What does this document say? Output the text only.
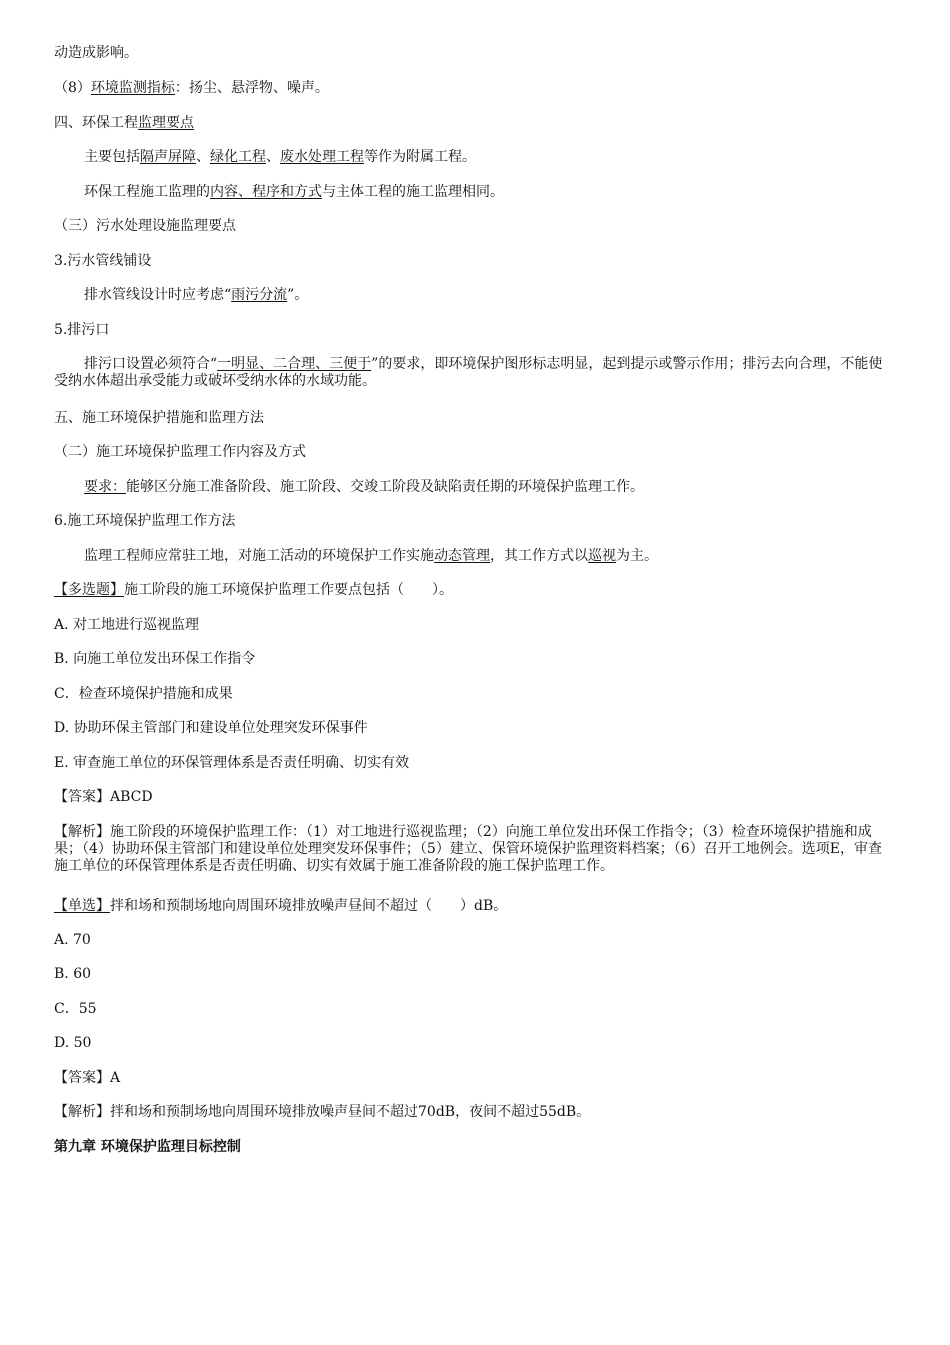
动造成影响。
（8）环境监测指标：扬尘、悬浮物、噪声。
四、环保工程监理要点
主要包括隔声屏障、绿化工程、废水处理工程等作为附属工程。
环保工程施工监理的内容、程序和方式与主体工程的施工监理相同。
（三）污水处理设施监理要点
3.污水管线铺设
排水管线设计时应考虑“雨污分流”。
5.排污口
排污口设置必须符合“一明显、二合理、三便于”的要求，即环境保护图形标志明显，起到提示或警示作用；排污去向合理，不能使受纳水体超出承受能力或破坏受纳水体的水域功能。
五、施工环境保护措施和监理方法
（二）施工环境保护监理工作内容及方式
要求：能够区分施工准备阶段、施工阶段、交竣工阶段及缺陷责任期的环境保护监理工作。
6.施工环境保护监理工作方法
监理工程师应常驻工地，对施工活动的环境保护工作实施动态管理，其工作方式以巡视为主。
【多选题】施工阶段的施工环境保护监理工作要点包括（　　）。
A. 对工地进行巡视监理
B. 向施工单位发出环保工作指令
C．检查环境保护措施和成果
D. 协助环保主管部门和建设单位处理突发环保事件
E. 审查施工单位的环保管理体系是否责任明确、切实有效
【答案】ABCD
【解析】施工阶段的环境保护监理工作：（1）对工地进行巡视监理；（2）向施工单位发出环保工作指令；（3）检查环境保护措施和成果；（4）协助环保主管部门和建设单位处理突发环保事件；（5）建立、保管环境保护监理资料档案；（6）召开工地例会。选项E，审查施工单位的环保管理体系是否责任明确、切实有效属于施工准备阶段的施工保护监理工作。
【单选】拌和场和预制场地向周围环境排放噪声昼间不超过（　　）dB。
A. 70
B. 60
C．55
D. 50
【答案】A
【解析】拌和场和预制场地向周围环境排放噪声昼间不超过70dB，夜间不超过55dB。
第九章 环境保护监理目标控制
